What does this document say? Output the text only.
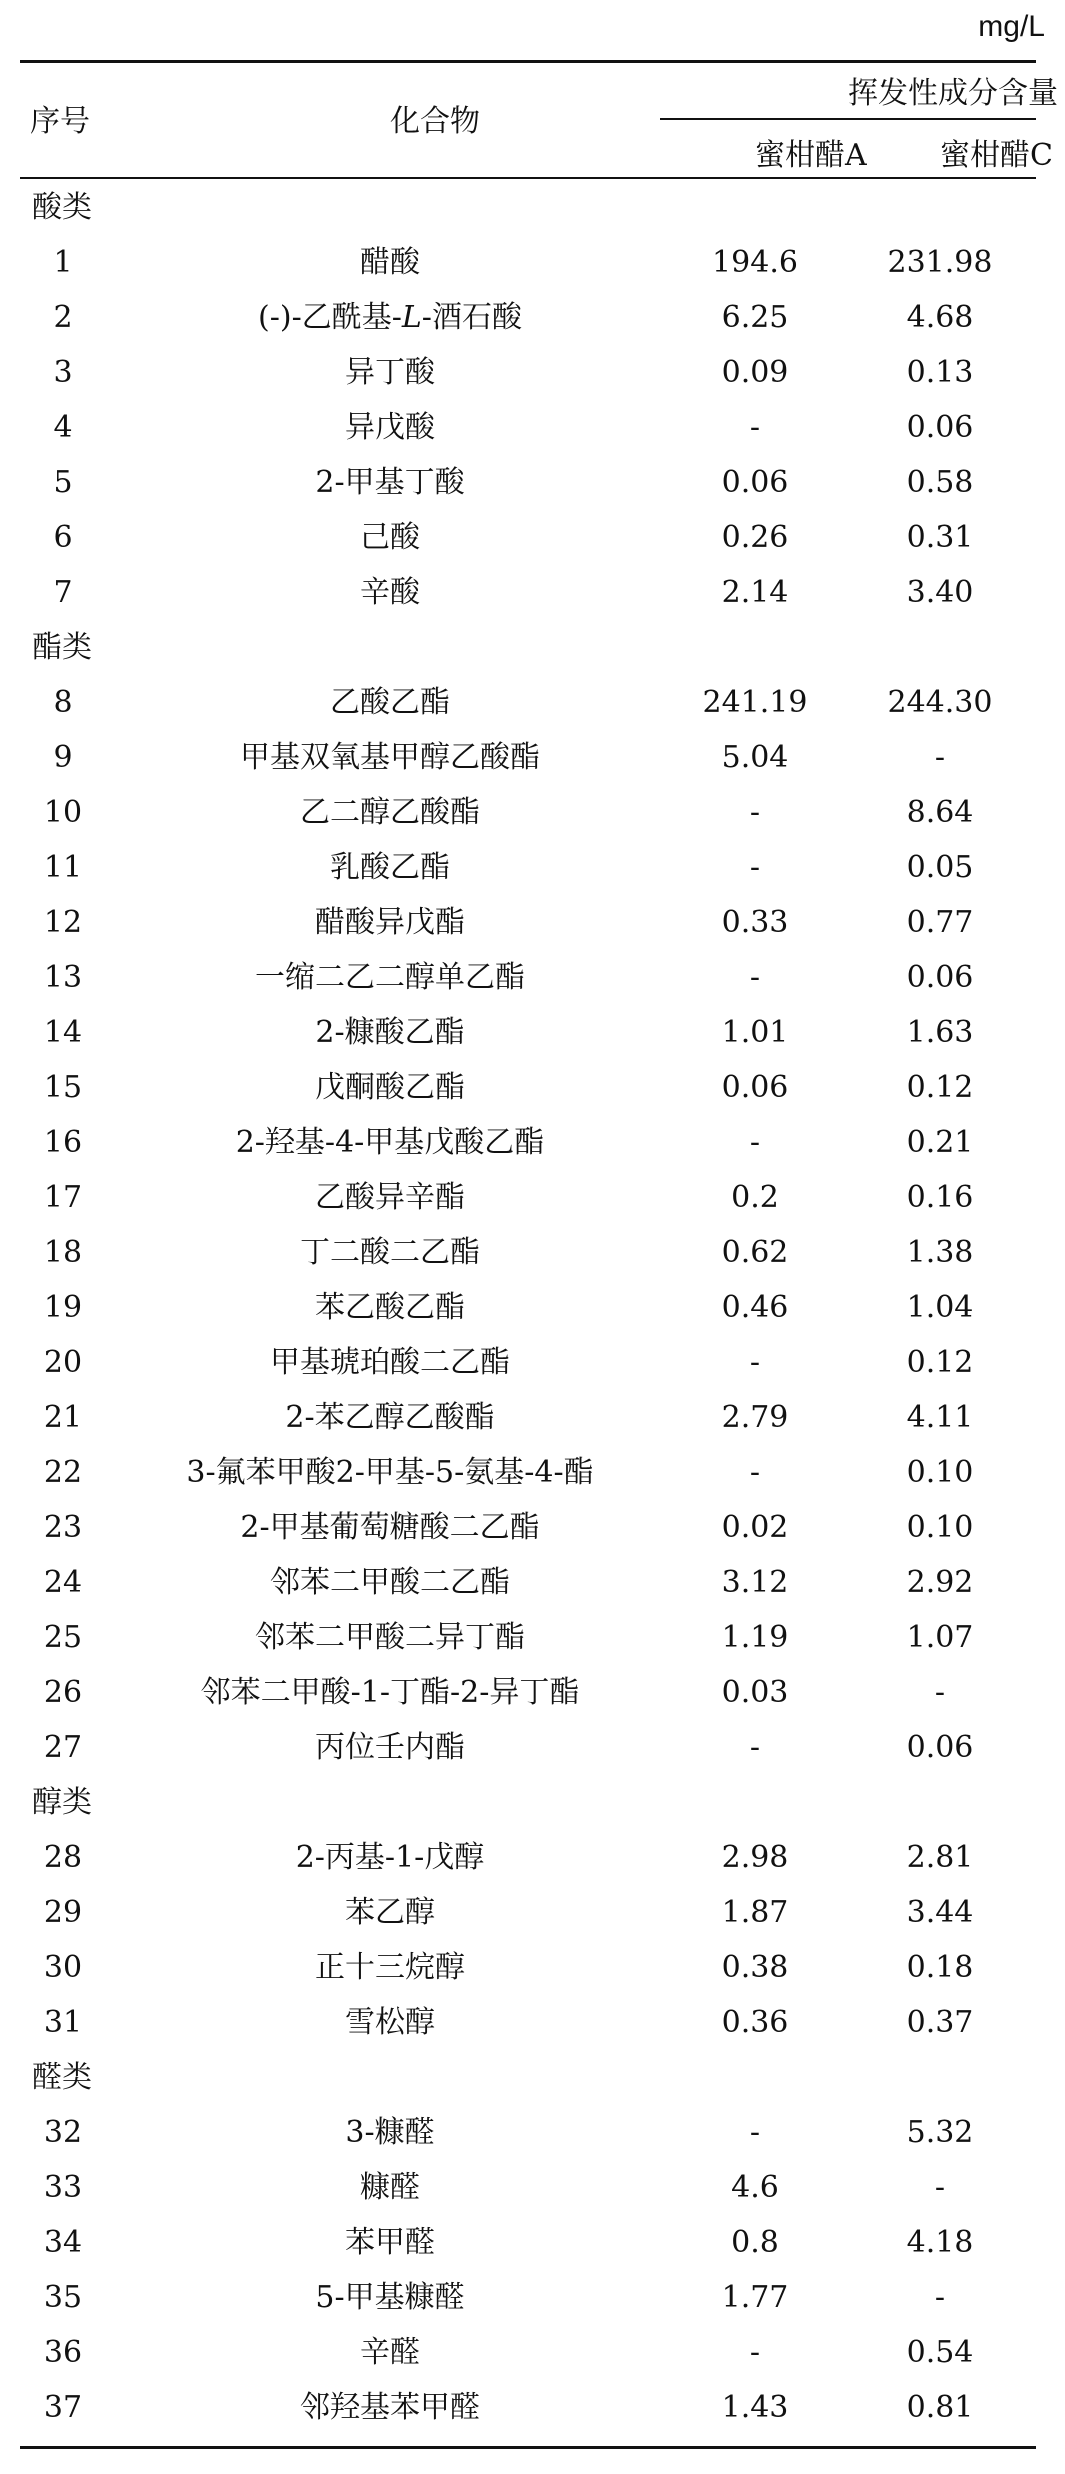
mg/L
序号	化合物
挥发性成分含量
蜜柑醋A 蜜柑醋C
酸类
1	醋酸	194.6	231.98
2	(-)-乙酰基-L-酒石酸	6.25	4.68
3	异丁酸	0.09	0.13
4	异戊酸	-	0.06
5	2-甲基丁酸	0.06	0.58
6	己酸	0.26	0.31
7	辛酸	2.14	3.40
酯类
8	乙酸乙酯	241.19	244.30
9	甲基双氧基甲醇乙酸酯	5.04	-
10	乙二醇乙酸酯	-	8.64
11	乳酸乙酯	-	0.05
12	醋酸异戊酯	0.33	0.77
13	一缩二乙二醇单乙酯	-	0.06
14	2-糠酸乙酯	1.01	1.63
15	戊酮酸乙酯	0.06	0.12
16	2-羟基-4-甲基戊酸乙酯	-	0.21
17	乙酸异辛酯	0.2	0.16
18	丁二酸二乙酯	0.62	1.38
19	苯乙酸乙酯	0.46	1.04
20	甲基琥珀酸二乙酯	-	0.12
21	2-苯乙醇乙酸酯	2.79	4.11
22	3-氟苯甲酸2-甲基-5-氨基-4-酯	-	0.10
23	2-甲基葡萄糖酸二乙酯	0.02	0.10
24	邻苯二甲酸二乙酯	3.12	2.92
25	邻苯二甲酸二异丁酯	1.19	1.07
26	邻苯二甲酸-1-丁酯-2-异丁酯	0.03	-
27	丙位壬内酯	-	0.06
醇类
28	2-丙基-1-戊醇	2.98	2.81
29	苯乙醇	1.87	3.44
30	正十三烷醇	0.38	0.18
31	雪松醇	0.36	0.37
醛类
32	3-糠醛	-	5.32
33	糠醛	4.6	-
34	苯甲醛	0.8	4.18
35	5-甲基糠醛	1.77	-
36	辛醛	-	0.54
37	邻羟基苯甲醛	1.43	0.81
